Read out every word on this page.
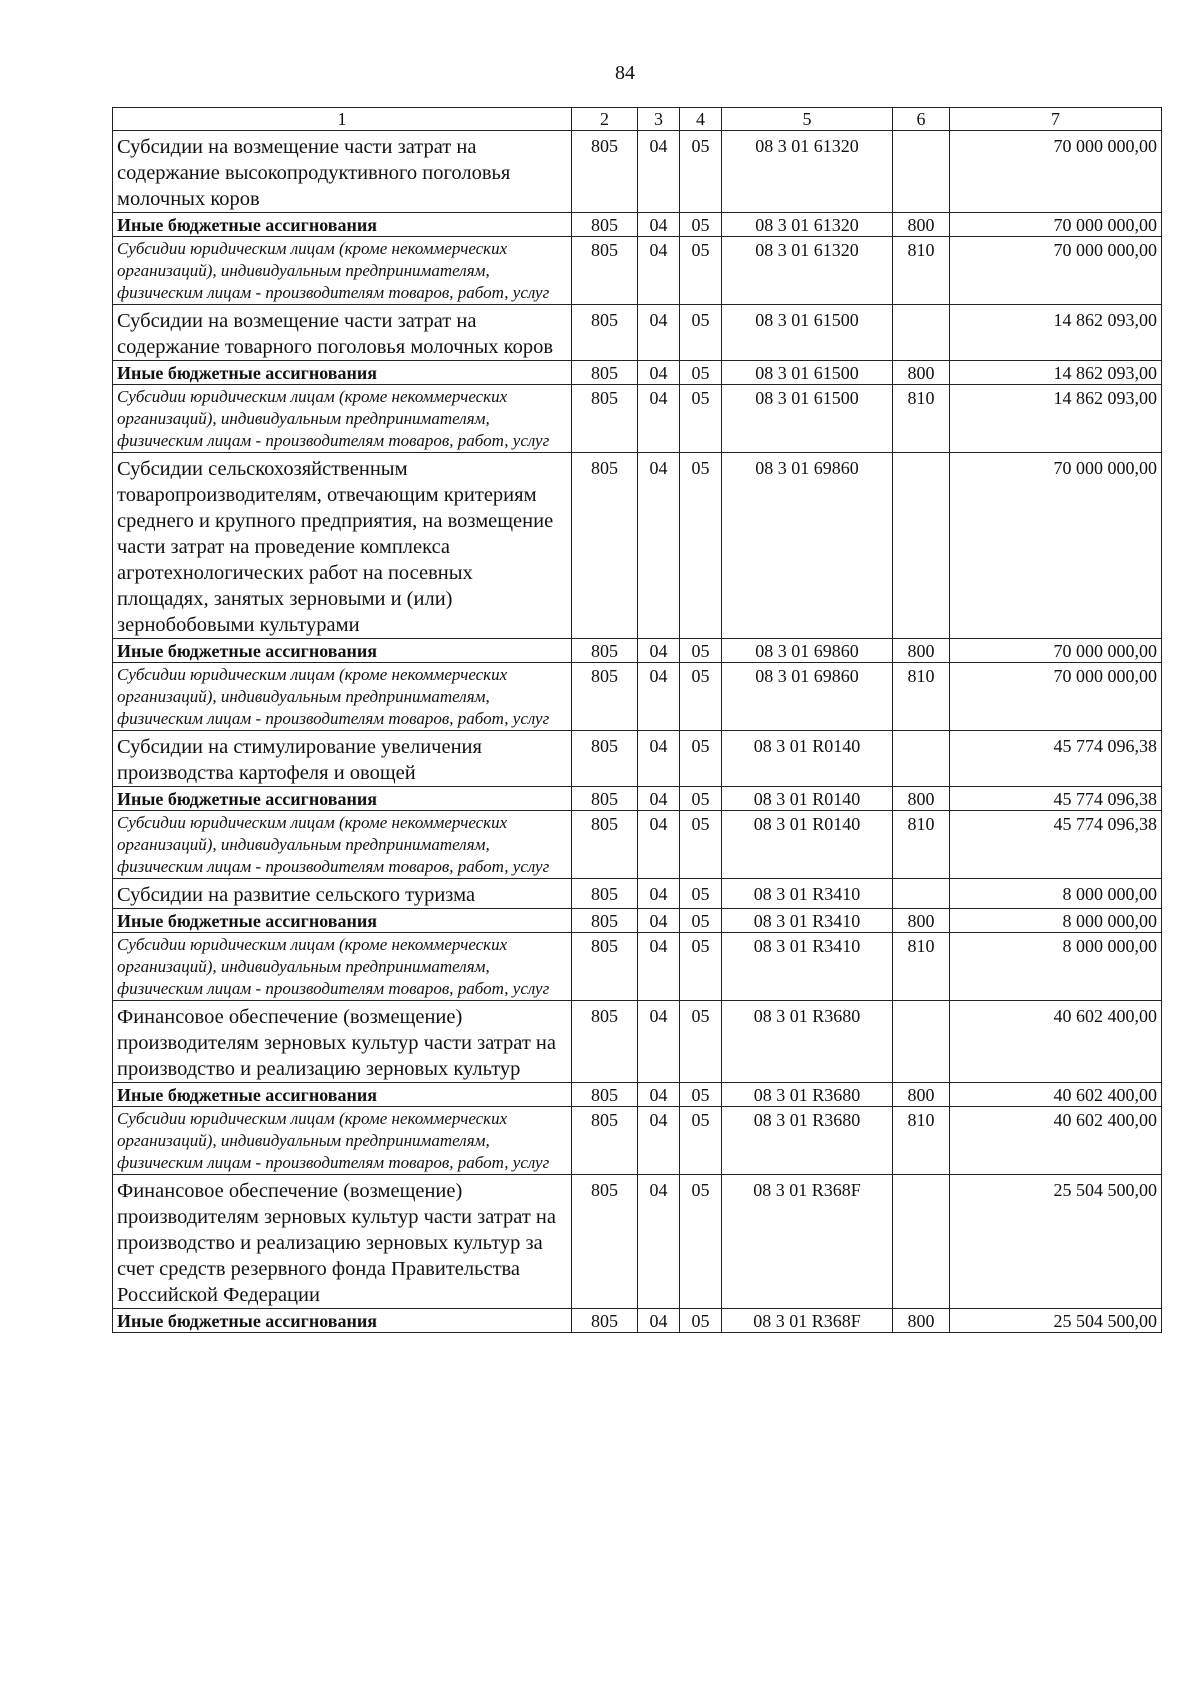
84
1	2	3	4	5	6	7
Субсидии на возмещение части затрат на содержание высокопродуктивного поголовья молочных коров	805	04	05	08 3 01 61320		70 000 000,00
Иные бюджетные ассигнования	805	04	05	08 3 01 61320	800	70 000 000,00
Субсидии юридическим лицам (кроме некоммерческих организаций), индивидуальным предпринимателям, физическим лицам - производителям товаров, работ, услуг	805	04	05	08 3 01 61320	810	70 000 000,00
Субсидии на возмещение части затрат на содержание товарного поголовья молочных коров	805	04	05	08 3 01 61500		14 862 093,00
Иные бюджетные ассигнования	805	04	05	08 3 01 61500	800	14 862 093,00
Субсидии юридическим лицам (кроме некоммерческих организаций), индивидуальным предпринимателям, физическим лицам - производителям товаров, работ, услуг	805	04	05	08 3 01 61500	810	14 862 093,00
Субсидии сельскохозяйственным товаропроизводителям, отвечающим критериям среднего и крупного предприятия, на возмещение части затрат на проведение комплекса агротехнологических работ на посевных площадях, занятых зерновыми и (или) зернобобовыми культурами	805	04	05	08 3 01 69860		70 000 000,00
Иные бюджетные ассигнования	805	04	05	08 3 01 69860	800	70 000 000,00
Субсидии юридическим лицам (кроме некоммерческих организаций), индивидуальным предпринимателям, физическим лицам - производителям товаров, работ, услуг	805	04	05	08 3 01 69860	810	70 000 000,00
Субсидии на стимулирование увеличения производства картофеля и овощей	805	04	05	08 3 01 R0140		45 774 096,38
Иные бюджетные ассигнования	805	04	05	08 3 01 R0140	800	45 774 096,38
Субсидии юридическим лицам (кроме некоммерческих организаций), индивидуальным предпринимателям, физическим лицам - производителям товаров, работ, услуг	805	04	05	08 3 01 R0140	810	45 774 096,38
Субсидии на развитие сельского туризма	805	04	05	08 3 01 R3410		8 000 000,00
Иные бюджетные ассигнования	805	04	05	08 3 01 R3410	800	8 000 000,00
Субсидии юридическим лицам (кроме некоммерческих организаций), индивидуальным предпринимателям, физическим лицам - производителям товаров, работ, услуг	805	04	05	08 3 01 R3410	810	8 000 000,00
Финансовое обеспечение (возмещение) производителям зерновых культур части затрат на производство и реализацию зерновых культур	805	04	05	08 3 01 R3680		40 602 400,00
Иные бюджетные ассигнования	805	04	05	08 3 01 R3680	800	40 602 400,00
Субсидии юридическим лицам (кроме некоммерческих организаций), индивидуальным предпринимателям, физическим лицам - производителям товаров, работ, услуг	805	04	05	08 3 01 R3680	810	40 602 400,00
Финансовое обеспечение (возмещение) производителям зерновых культур части затрат на производство и реализацию зерновых культур за счет средств резервного фонда Правительства Российской Федерации	805	04	05	08 3 01 R368F		25 504 500,00
Иные бюджетные ассигнования	805	04	05	08 3 01 R368F	800	25 504 500,00
